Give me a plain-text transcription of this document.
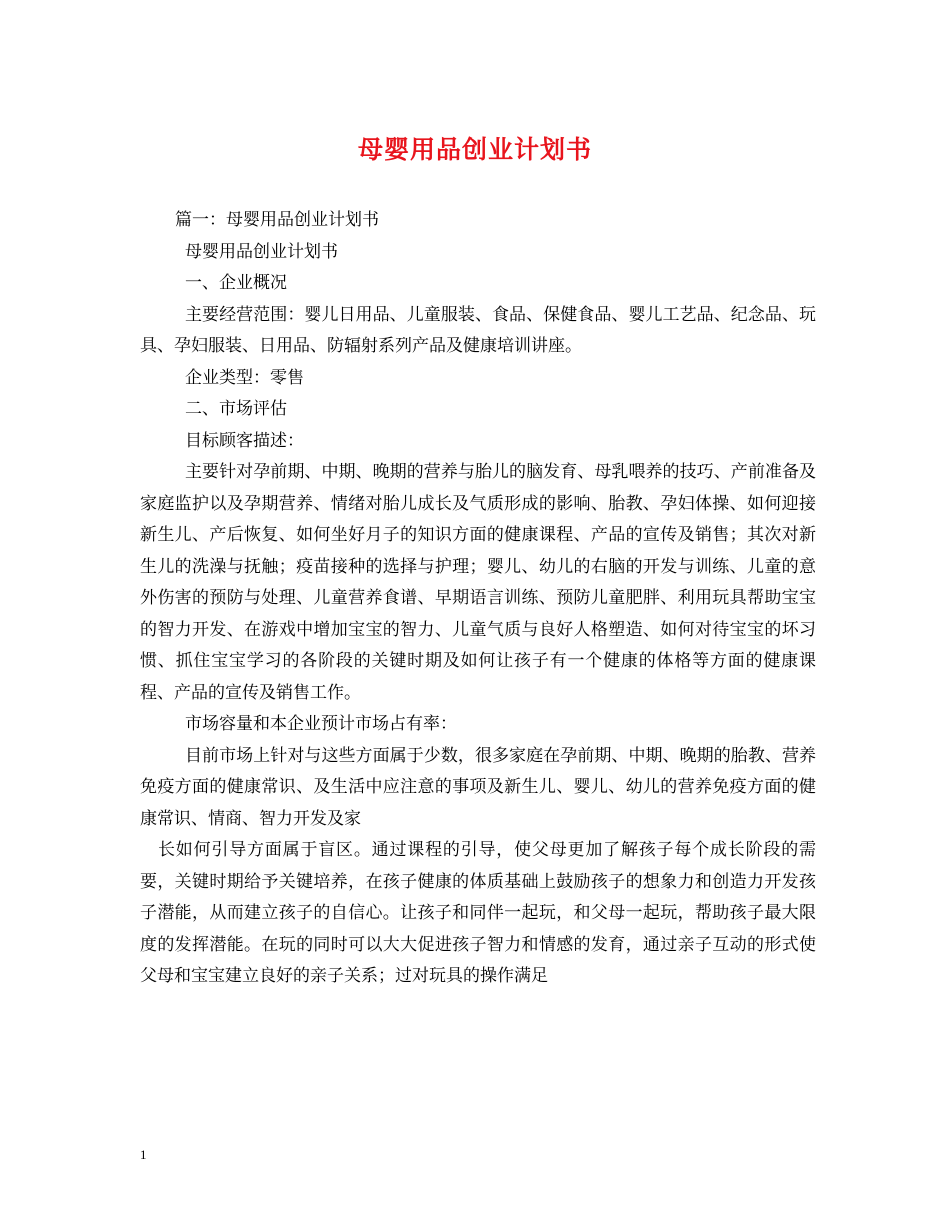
母婴用品创业计划书

篇一：母婴用品创业计划书

母婴用品创业计划书

一、企业概况

主要经营范围：婴儿日用品、儿童服装、食品、保健食品、婴儿工艺品、纪念品、玩具、孕妇服装、日用品、防辐射系列产品及健康培训讲座。

企业类型：零售

二、市场评估

目标顾客描述：

主要针对孕前期、中期、晚期的营养与胎儿的脑发育、母乳喂养的技巧、产前准备及家庭监护以及孕期营养、情绪对胎儿成长及气质形成的影响、胎教、孕妇体操、如何迎接新生儿、产后恢复、如何坐好月子的知识方面的健康课程、产品的宣传及销售；其次对新生儿的洗澡与抚触；疫苗接种的选择与护理；婴儿、幼儿的右脑的开发与训练、儿童的意外伤害的预防与处理、儿童营养食谱、早期语言训练、预防儿童肥胖、利用玩具帮助宝宝的智力开发、在游戏中增加宝宝的智力、儿童气质与良好人格塑造、如何对待宝宝的坏习惯、抓住宝宝学习的各阶段的关键时期及如何让孩子有一个健康的体格等方面的健康课程、产品的宣传及销售工作。

市场容量和本企业预计市场占有率：

目前市场上针对与这些方面属于少数，很多家庭在孕前期、中期、晚期的胎教、营养免疫方面的健康常识、及生活中应注意的事项及新生儿、婴儿、幼儿的营养免疫方面的健康常识、情商、智力开发及家

长如何引导方面属于盲区。通过课程的引导，使父母更加了解孩子每个成长阶段的需要，关键时期给予关键培养，在孩子健康的体质基础上鼓励孩子的想象力和创造力开发孩子潜能，从而建立孩子的自信心。让孩子和同伴一起玩，和父母一起玩，帮助孩子最大限度的发挥潜能。在玩的同时可以大大促进孩子智力和情感的发育，通过亲子互动的形式使父母和宝宝建立良好的亲子关系；过对玩具的操作满足

1
